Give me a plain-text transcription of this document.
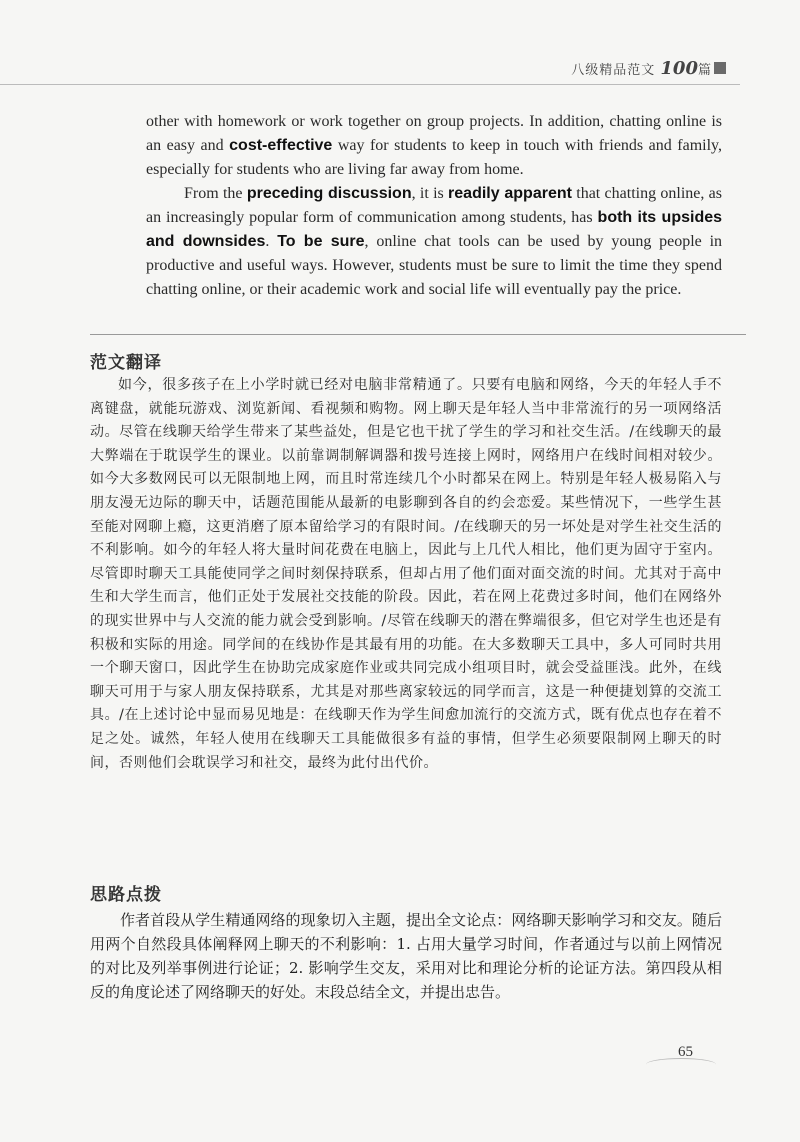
八级精品范文 100篇

other with homework or work together on group projects. In addition, chatting online is an easy and cost-effective way for students to keep in touch with friends and family, especially for students who are living far away from home.

From the preceding discussion, it is readily apparent that chatting online, as an increasingly popular form of communication among students, has both its upsides and downsides. To be sure, online chat tools can be used by young people in productive and useful ways. However, students must be sure to limit the time they spend chatting online, or their academic work and social life will eventually pay the price.

范文翻译

如今，很多孩子在上小学时就已经对电脑非常精通了。只要有电脑和网络，今天的年轻人手不离键盘，就能玩游戏、浏览新闻、看视频和购物。网上聊天是年轻人当中非常流行的另一项网络活动。尽管在线聊天给学生带来了某些益处，但是它也干扰了学生的学习和社交生活。/在线聊天的最大弊端在于耽误学生的课业。以前靠调制解调器和拨号连接上网时，网络用户在线时间相对较少。如今大多数网民可以无限制地上网，而且时常连续几个小时都呆在网上。特别是年轻人极易陷入与朋友漫无边际的聊天中，话题范围能从最新的电影聊到各自的约会恋爱。某些情况下，一些学生甚至能对网聊上瘾，这更消磨了原本留给学习的有限时间。/在线聊天的另一坏处是对学生社交生活的不利影响。如今的年轻人将大量时间花费在电脑上，因此与上几代人相比，他们更为固守于室内。尽管即时聊天工具能使同学之间时刻保持联系，但却占用了他们面对面交流的时间。尤其对于高中生和大学生而言，他们正处于发展社交技能的阶段。因此，若在网上花费过多时间，他们在网络外的现实世界中与人交流的能力就会受到影响。/尽管在线聊天的潜在弊端很多，但它对学生也还是有积极和实际的用途。同学间的在线协作是其最有用的功能。在大多数聊天工具中，多人可同时共用一个聊天窗口，因此学生在协助完成家庭作业或共同完成小组项目时，就会受益匪浅。此外，在线聊天可用于与家人朋友保持联系，尤其是对那些离家较远的同学而言，这是一种便捷划算的交流工具。/在上述讨论中显而易见地是：在线聊天作为学生间愈加流行的交流方式，既有优点也存在着不足之处。诚然，年轻人使用在线聊天工具能做很多有益的事情，但学生必须要限制网上聊天的时间，否则他们会耽误学习和社交，最终为此付出代价。

思路点拨

作者首段从学生精通网络的现象切入主题，提出全文论点：网络聊天影响学习和交友。随后用两个自然段具体阐释网上聊天的不利影响：1. 占用大量学习时间，作者通过与以前上网情况的对比及列举事例进行论证；2. 影响学生交友，采用对比和理论分析的论证方法。第四段从相反的角度论述了网络聊天的好处。末段总结全文，并提出忠告。

65
